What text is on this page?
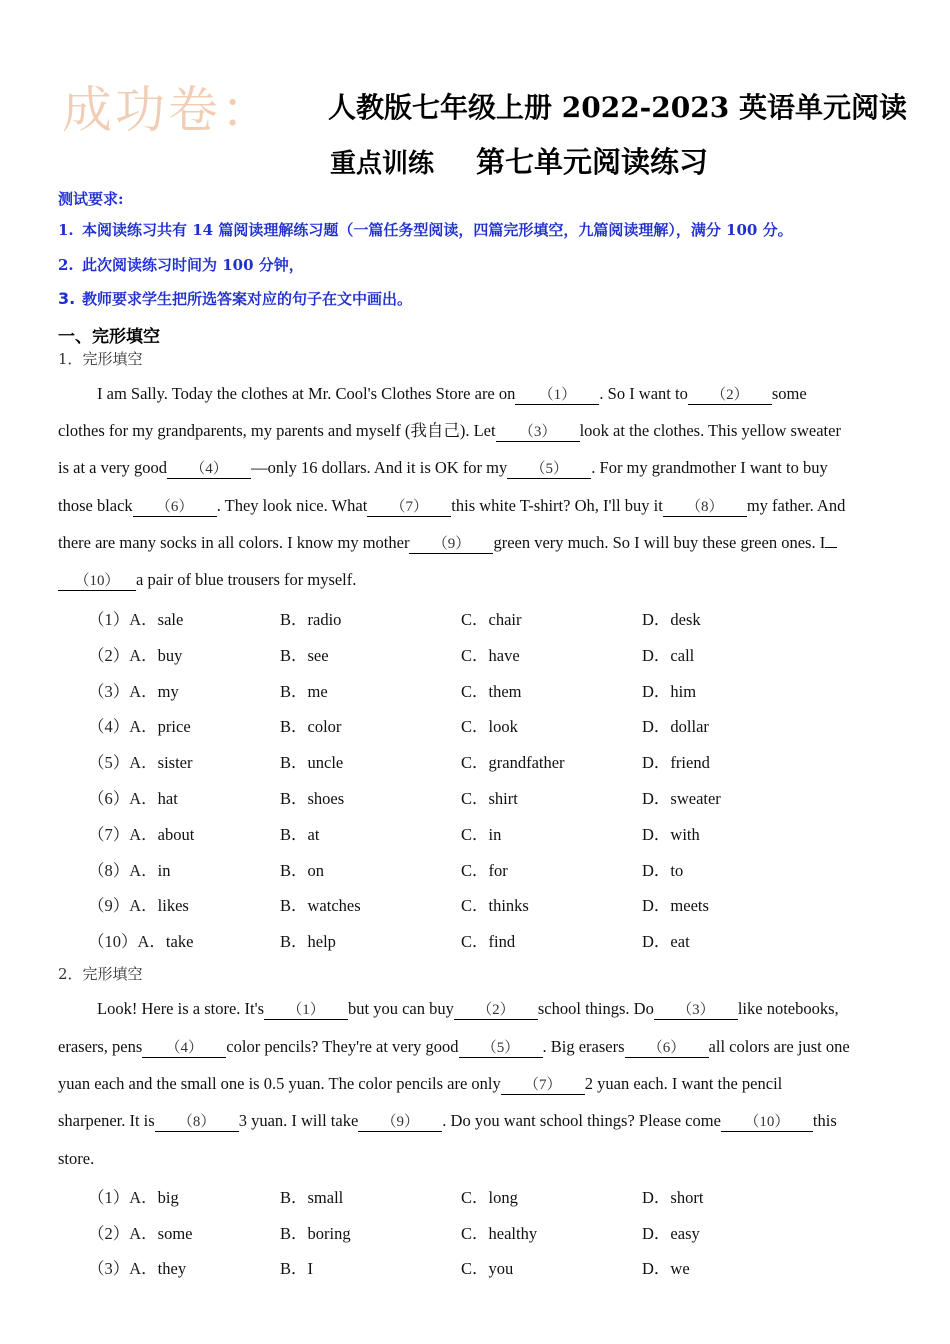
成功卷： 人教版七年级上册 2022-2023 英语单元阅读
重点训练 第七单元阅读练习
测试要求:
1. 本阅读练习共有 14 篇阅读理解练习题（一篇任务型阅读，四篇完形填空，九篇阅读理解），满分 100 分。
2. 此次阅读练习时间为 100 分钟，
3. 教师要求学生把所选答案对应的句子在文中画出。
一、完形填空
1．完形填空
I am Sally. Today the clothes at Mr. Cool's Clothes Store are on （1） . So I want to （2） some
clothes for my grandparents, my parents and myself (我自己). Let （3） look at the clothes. This yellow sweater
is at a very good （4） —only 16 dollars. And it is OK for my （5） . For my grandmother I want to buy
those black （6） . They look nice. What （7） this white T-shirt? Oh, I'll buy it （8） my father. And
there are many socks in all colors. I know my mother （9） green very much. So I will buy these green ones. I
（10） a pair of blue trousers for myself.
（1）A．sale	B．radio	C．chair	D．desk
（2）A．buy	B．see	C．have	D．call
（3）A．my	B．me	C．them	D．him
（4）A．price	B．color	C．look	D．dollar
（5）A．sister	B．uncle	C．grandfather	D．friend
（6）A．hat	B．shoes	C．shirt	D．sweater
（7）A．about	B．at	C．in	D．with
（8）A．in	B．on	C．for	D．to
（9）A．likes	B．watches	C．thinks	D．meets
（10）A．take	B．help	C．find	D．eat
2．完形填空
Look! Here is a store. It's （1） but you can buy （2） school things. Do （3） like notebooks,
erasers, pens （4） color pencils? They're at very good （5） . Big erasers （6） all colors are just one
yuan each and the small one is 0.5 yuan. The color pencils are only （7） 2 yuan each. I want the pencil
sharpener. It is （8） 3 yuan. I will take （9） . Do you want school things? Please come （10） this
store.
（1）A．big	B．small	C．long	D．short
（2）A．some	B．boring	C．healthy	D．easy
（3）A．they	B．I	C．you	D．we
